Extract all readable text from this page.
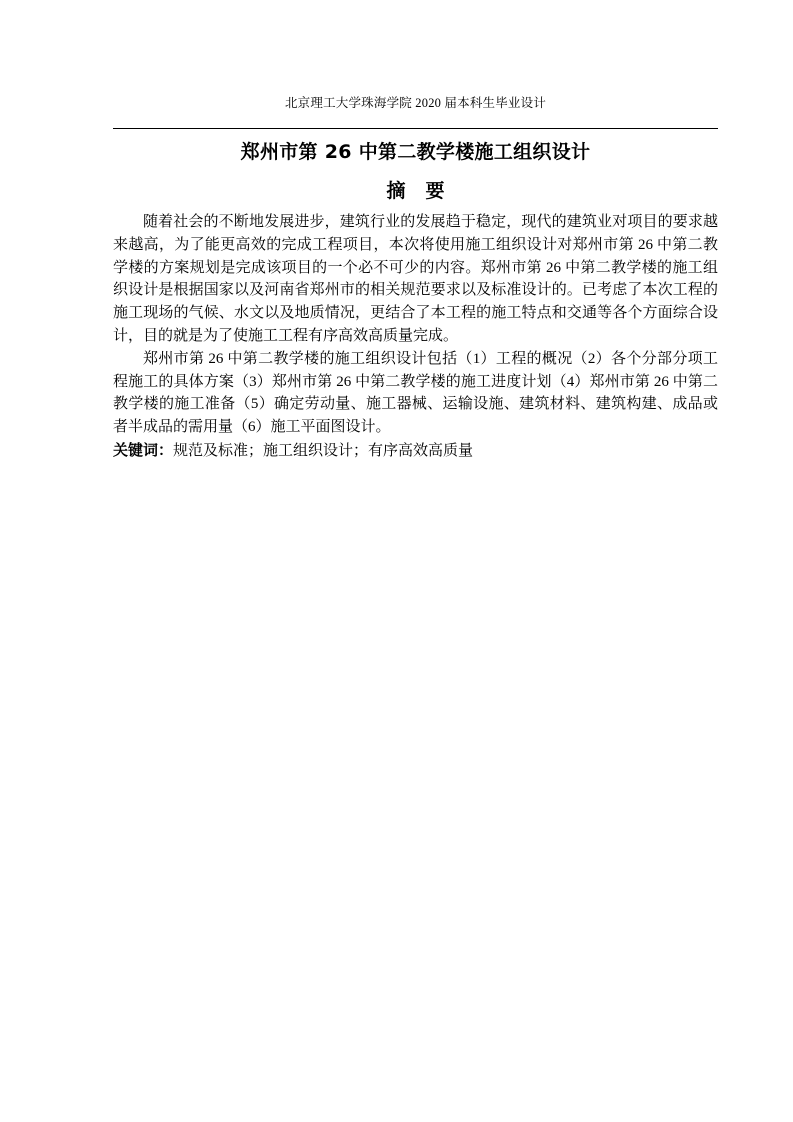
北京理工大学珠海学院 2020 届本科生毕业设计
郑州市第 26 中第二教学楼施工组织设计
摘要

随着社会的不断地发展进步，建筑行业的发展趋于稳定，现代的建筑业对项目的要求越来越高，为了能更高效的完成工程项目，本次将使用施工组织设计对郑州市第 26 中第二教学楼的方案规划是完成该项目的一个必不可少的内容。郑州市第 26 中第二教学楼的施工组织设计是根据国家以及河南省郑州市的相关规范要求以及标准设计的。已考虑了本次工程的施工现场的气候、水文以及地质情况，更结合了本工程的施工特点和交通等各个方面综合设计，目的就是为了使施工工程有序高效高质量完成。

郑州市第 26 中第二教学楼的施工组织设计包括（1）工程的概况（2）各个分部分项工程施工的具体方案（3）郑州市第 26 中第二教学楼的施工进度计划（4）郑州市第 26 中第二教学楼的施工准备（5）确定劳动量、施工器械、运输设施、建筑材料、建筑构建、成品或者半成品的需用量（6）施工平面图设计。

关键词：规范及标准；施工组织设计；有序高效高质量
